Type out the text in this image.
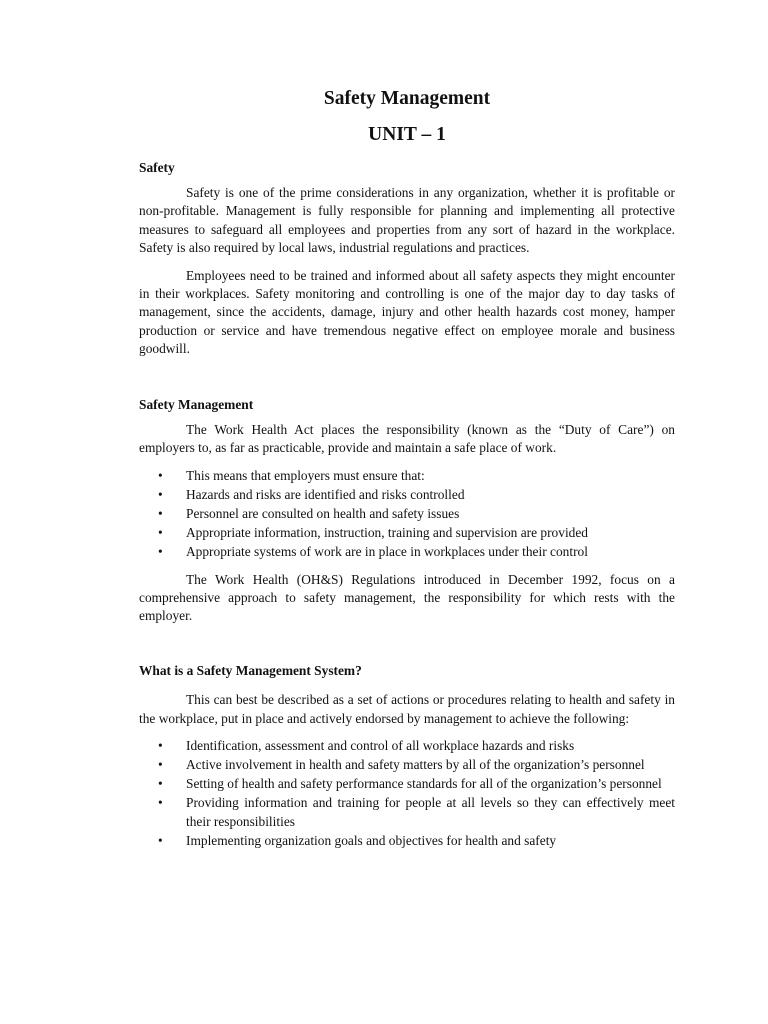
Safety Management
UNIT – 1
Safety

Safety is one of the prime considerations in any organization, whether it is profitable or non-profitable. Management is fully responsible for planning and implementing all protective measures to safeguard all employees and properties from any sort of hazard in the workplace. Safety is also required by local laws, industrial regulations and practices.

Employees need to be trained and informed about all safety aspects they might encounter in their workplaces. Safety monitoring and controlling is one of the major day to day tasks of management, since the accidents, damage, injury and other health hazards cost money, hamper production or service and have tremendous negative effect on employee morale and business goodwill.

Safety Management

The Work Health Act places the responsibility (known as the “Duty of Care”) on employers to, as far as practicable, provide and maintain a safe place of work.

• This means that employers must ensure that:
• Hazards and risks are identified and risks controlled
• Personnel are consulted on health and safety issues
• Appropriate information, instruction, training and supervision are provided
• Appropriate systems of work are in place in workplaces under their control

The Work Health (OH&S) Regulations introduced in December 1992, focus on a comprehensive approach to safety management, the responsibility for which rests with the employer.

What is a Safety Management System?

This can best be described as a set of actions or procedures relating to health and safety in the workplace, put in place and actively endorsed by management to achieve the following:

• Identification, assessment and control of all workplace hazards and risks
• Active involvement in health and safety matters by all of the organization’s personnel
• Setting of health and safety performance standards for all of the organization’s personnel
• Providing information and training for people at all levels so they can effectively meet their responsibilities
• Implementing organization goals and objectives for health and safety
